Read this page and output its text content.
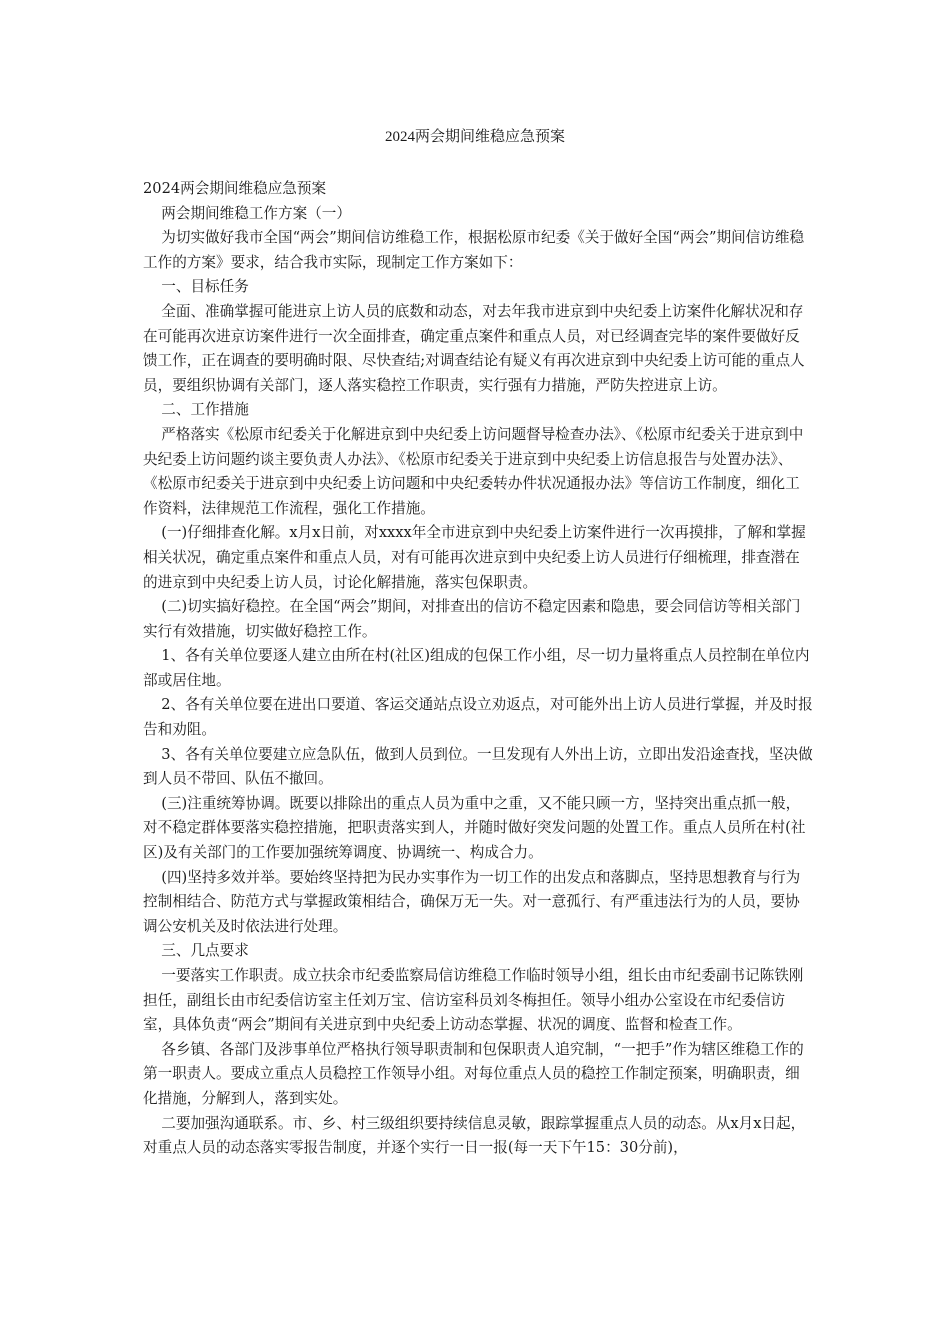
2024两会期间维稳应急预案

2024两会期间维稳应急预案

两会期间维稳工作方案（一）

为切实做好我市全国“两会”期间信访维稳工作，根据松原市纪委《关于做好全国“两会”期间信访维稳工作的方案》要求，结合我市实际，现制定工作方案如下：

一、目标任务

全面、准确掌握可能进京上访人员的底数和动态，对去年我市进京到中央纪委上访案件化解状况和存在可能再次进京访案件进行一次全面排查，确定重点案件和重点人员，对已经调查完毕的案件要做好反馈工作，正在调查的要明确时限、尽快查结;对调查结论有疑义有再次进京到中央纪委上访可能的重点人员，要组织协调有关部门，逐人落实稳控工作职责，实行强有力措施，严防失控进京上访。

二、工作措施

严格落实《松原市纪委关于化解进京到中央纪委上访问题督导检查办法》、《松原市纪委关于进京到中央纪委上访问题约谈主要负责人办法》、《松原市纪委关于进京到中央纪委上访信息报告与处置办法》、《松原市纪委关于进京到中央纪委上访问题和中央纪委转办件状况通报办法》等信访工作制度，细化工作资料，法律规范工作流程，强化工作措施。

(一)仔细排查化解。x月x日前，对xxxx年全市进京到中央纪委上访案件进行一次再摸排，了解和掌握相关状况，确定重点案件和重点人员，对有可能再次进京到中央纪委上访人员进行仔细梳理，排查潜在的进京到中央纪委上访人员，讨论化解措施，落实包保职责。

(二)切实搞好稳控。在全国“两会”期间，对排查出的信访不稳定因素和隐患，要会同信访等相关部门实行有效措施，切实做好稳控工作。

1、各有关单位要逐人建立由所在村(社区)组成的包保工作小组，尽一切力量将重点人员控制在单位内部或居住地。

2、各有关单位要在进出口要道、客运交通站点设立劝返点，对可能外出上访人员进行掌握，并及时报告和劝阻。

3、各有关单位要建立应急队伍，做到人员到位。一旦发现有人外出上访，立即出发沿途查找，坚决做到人员不带回、队伍不撤回。

(三)注重统筹协调。既要以排除出的重点人员为重中之重，又不能只顾一方，坚持突出重点抓一般，对不稳定群体要落实稳控措施，把职责落实到人，并随时做好突发问题的处置工作。重点人员所在村(社区)及有关部门的工作要加强统筹调度、协调统一、构成合力。

(四)坚持多效并举。要始终坚持把为民办实事作为一切工作的出发点和落脚点，坚持思想教育与行为控制相结合、防范方式与掌握政策相结合，确保万无一失。对一意孤行、有严重违法行为的人员，要协调公安机关及时依法进行处理。

三、几点要求

一要落实工作职责。成立扶余市纪委监察局信访维稳工作临时领导小组，组长由市纪委副书记陈铁刚担任，副组长由市纪委信访室主任刘万宝、信访室科员刘冬梅担任。领导小组办公室设在市纪委信访室，具体负责“两会”期间有关进京到中央纪委上访动态掌握、状况的调度、监督和检查工作。

各乡镇、各部门及涉事单位严格执行领导职责制和包保职责人追究制，“一把手”作为辖区维稳工作的第一职责人。要成立重点人员稳控工作领导小组。对每位重点人员的稳控工作制定预案，明确职责，细化措施，分解到人，落到实处。

二要加强沟通联系。市、乡、村三级组织要持续信息灵敏，跟踪掌握重点人员的动态。从x月x日起，对重点人员的动态落实零报告制度，并逐个实行一日一报(每一天下午15：30分前)，
